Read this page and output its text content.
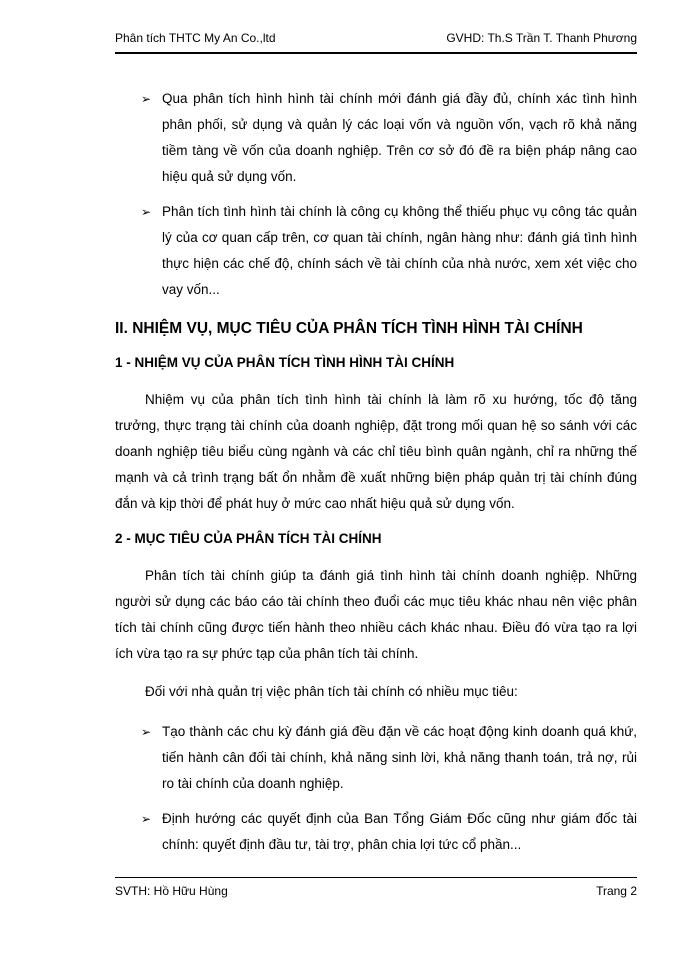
Phân tích THTC My An Co.,ltd	GVHD: Th.S Trần T. Thanh Phương
➢ Qua phân tích hình hình tài chính mới đánh giá đầy đủ, chính xác tình hình phân phối, sử dụng và quản lý các loại vốn và nguồn vốn, vạch rõ khả năng tiềm tàng về vốn của doanh nghiệp. Trên cơ sở đó đề ra biện pháp nâng cao hiệu quả sử dụng vốn.
➢ Phân tích tình hình tài chính là công cụ không thể thiếu phục vụ công tác quản lý của cơ quan cấp trên, cơ quan tài chính, ngân hàng như: đánh giá tình hình thực hiện các chế độ, chính sách về tài chính của nhà nước, xem xét việc cho vay vốn...
II. NHIỆM VỤ, MỤC TIÊU CỦA PHÂN TÍCH TÌNH HÌNH TÀI CHÍNH
1 - NHIỆM VỤ CỦA PHÂN TÍCH TÌNH HÌNH TÀI CHÍNH

Nhiệm vụ của phân tích tình hình tài chính là làm rõ xu hướng, tốc độ tăng trưởng, thực trạng tài chính của doanh nghiệp, đặt trong mối quan hệ so sánh với các doanh nghiệp tiêu biểu cùng ngành và các chỉ tiêu bình quân ngành, chỉ ra những thế mạnh và cả trình trạng bất ổn nhằm đề xuất những biện pháp quản trị tài chính đúng đắn và kịp thời để phát huy ở mức cao nhất hiệu quả sử dụng vốn.

2 - MỤC TIÊU CỦA PHÂN TÍCH TÀI CHÍNH

Phân tích tài chính giúp ta đánh giá tình hình tài chính doanh nghiệp. Những người sử dụng các báo cáo tài chính theo đuổi các mục tiêu khác nhau nên việc phân tích tài chính cũng được tiến hành theo nhiều cách khác nhau. Điều đó vừa tạo ra lợi ích vừa tạo ra sự phức tạp của phân tích tài chính.

Đối với nhà quản trị việc phân tích tài chính có nhiều mục tiêu:

➢ Tạo thành các chu kỳ đánh giá đều đặn về các hoạt động kinh doanh quá khứ, tiến hành cân đối tài chính, khả năng sinh lời, khả năng thanh toán, trả nợ, rủi ro tài chính của doanh nghiệp.
➢ Định hướng các quyết định của Ban Tổng Giám Đốc cũng như giám đốc tài chính: quyết định đầu tư, tài trợ, phân chia lợi tức cổ phần...
SVTH: Hồ Hữu Hùng	Trang 2
